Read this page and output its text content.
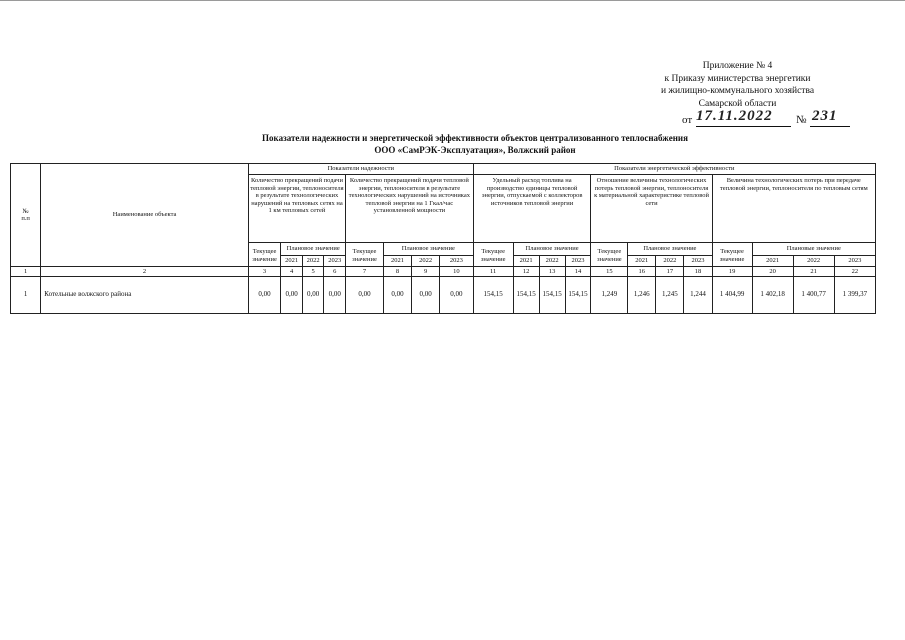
Приложение № 4
к Приказу министерства энергетики
и жилищно-коммунального хозяйства
Самарской области
от 17.11.2022 № 231
Показатели надежности и энергетической эффективности объектов централизованного теплоснабжения
ООО «СамРЭК-Эксплуатация», Волжский район
№
п.п	Наименование объекта	Показатели надежности								Показатели энергетической эффективности											
		Количество прекращений подачи тепловой энергии, теплоносителя в результате технологических нарушений на тепловых сетях на 1 км тепловых сетей				Количество прекращений подачи тепловой энергии, теплоносителя в результате технологических нарушений на источниках тепловой энергии на 1 Гкал/час установленной мощности				Удельный расход топлива на производство единицы тепловой энергии, отпускаемой с коллекторов источников тепловой энергии				Отношение величины технологических потерь тепловой энергии, теплоносителя к материальной характеристике тепловой сети				Величина технологических потерь при передаче тепловой энергии, теплоносителя по тепловым сетям			
		Текущее значение	Плановое значение			Текущее значение	Плановое значение			Текущее значение	Плановое значение			Текущее значение	Плановое значение			Текущее значение	Плановые значение		
			2021	2022	2023		2021	2022	2023		2021	2022	2023		2021	2022	2023		2021	2022	2023
1	2	3	4	5	6	7	8	9	10	11	12	13	14	15	16	17	18	19	20	21	22
1	Котельные волжского района	0,00	0,00	0,00	0,00	0,00	0,00	0,00	0,00	154,15	154,15	154,15	154,15	1,249	1,246	1,245	1,244	1 404,99	1 402,18	1 400,77	1 399,37
